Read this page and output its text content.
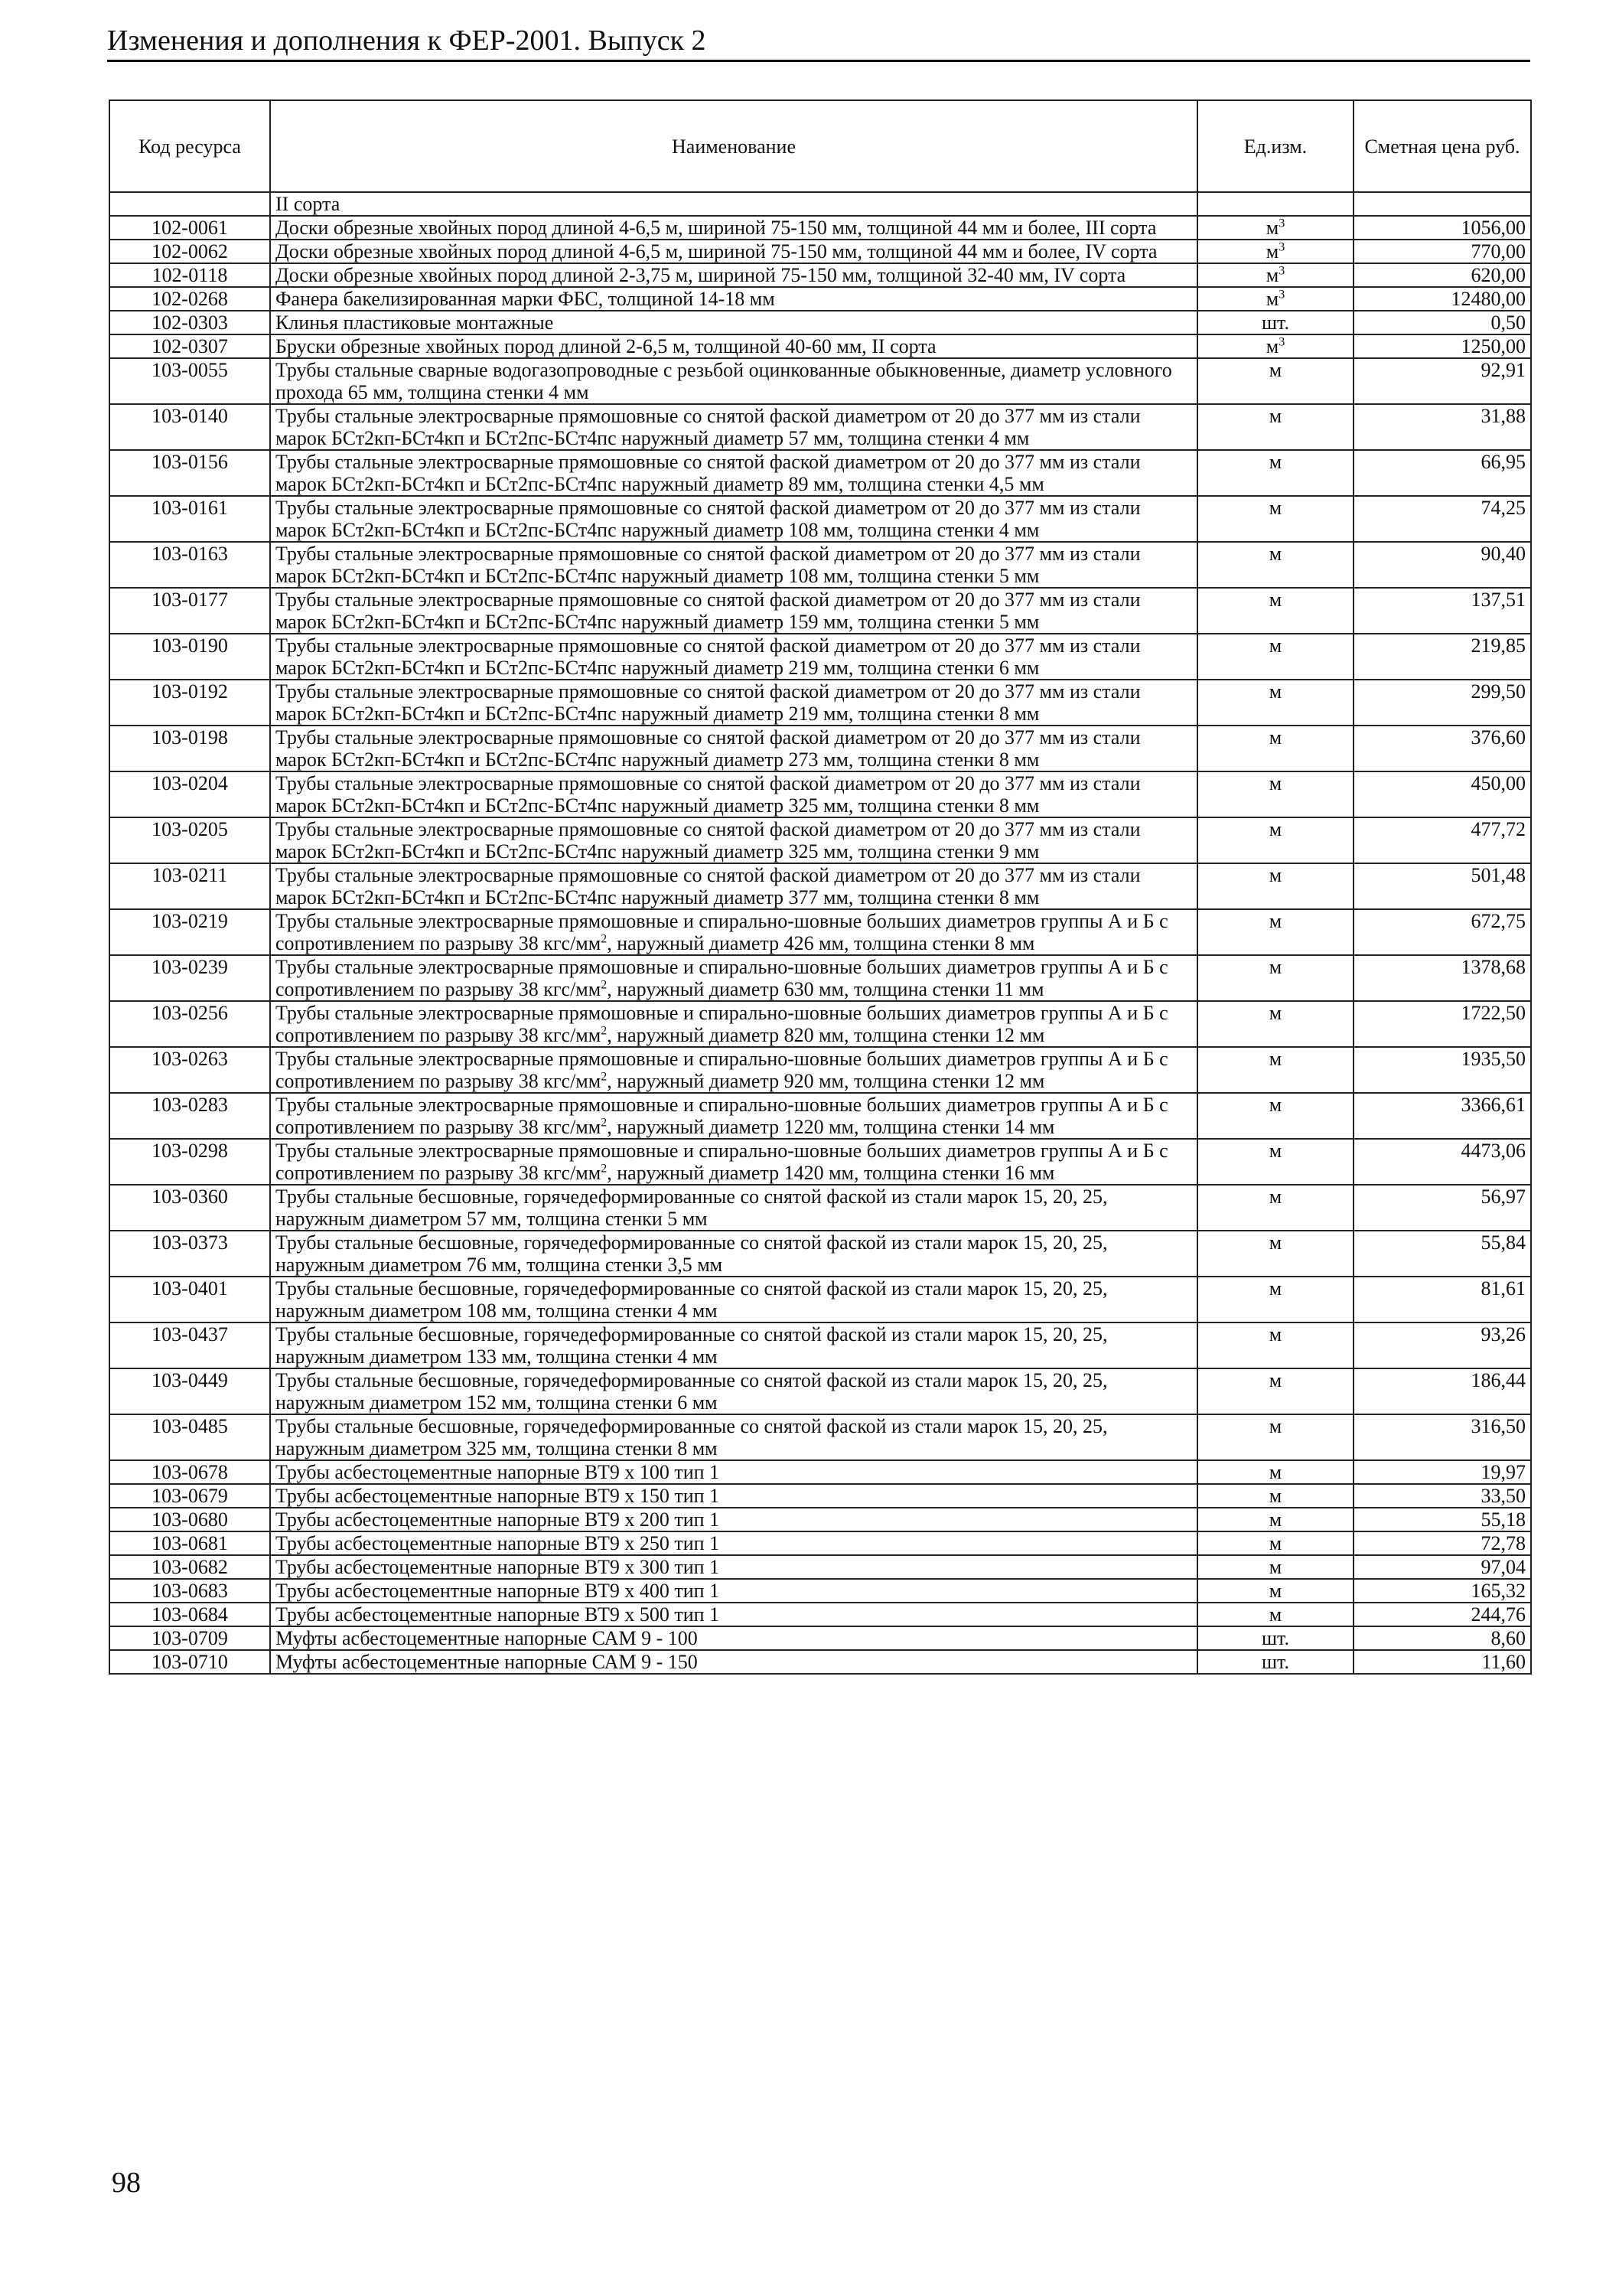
Изменения и дополнения к ФЕР-2001. Выпуск 2
Код ресурса	Наименование	Ед.изм.	Сметная цена руб.
	II сорта		
102-0061	Доски обрезные хвойных пород длиной 4-6,5 м, шириной 75-150 мм, толщиной 44 мм и более, III сорта	$м^3$	1056,00
102-0062	Доски обрезные хвойных пород длиной 4-6,5 м, шириной 75-150 мм, толщиной 44 мм и более, IV сорта	$м^3$	770,00
102-0118	Доски обрезные хвойных пород длиной 2-3,75 м, шириной 75-150 мм, толщиной 32-40 мм, IV сорта	$м^3$	620,00
102-0268	Фанера бакелизированная марки ФБС, толщиной 14-18 мм	$м^3$	12480,00
102-0303	Клинья пластиковые монтажные	шт.	0,50
102-0307	Бруски обрезные хвойных пород длиной 2-6,5 м, толщиной 40-60 мм, II сорта	$м^3$	1250,00
103-0055	Трубы стальные сварные водогазопроводные с резьбой оцинкованные обыкновенные, диаметр условного прохода 65 мм, толщина стенки 4 мм	м	92,91
103-0140	Трубы стальные электросварные прямошовные со снятой фаской диаметром от 20 до 377 мм из стали марок БСт2кп-БСт4кп и БСт2пс-БСт4пс наружный диаметр 57 мм, толщина стенки 4 мм	м	31,88
103-0156	Трубы стальные электросварные прямошовные со снятой фаской диаметром от 20 до 377 мм из стали марок БСт2кп-БСт4кп и БСт2пс-БСт4пс наружный диаметр 89 мм, толщина стенки 4,5 мм	м	66,95
103-0161	Трубы стальные электросварные прямошовные со снятой фаской диаметром от 20 до 377 мм из стали марок БСт2кп-БСт4кп и БСт2пс-БСт4пс наружный диаметр 108 мм, толщина стенки 4 мм	м	74,25
103-0163	Трубы стальные электросварные прямошовные со снятой фаской диаметром от 20 до 377 мм из стали марок БСт2кп-БСт4кп и БСт2пс-БСт4пс наружный диаметр 108 мм, толщина стенки 5 мм	м	90,40
103-0177	Трубы стальные электросварные прямошовные со снятой фаской диаметром от 20 до 377 мм из стали марок БСт2кп-БСт4кп и БСт2пс-БСт4пс наружный диаметр 159 мм, толщина стенки 5 мм	м	137,51
103-0190	Трубы стальные электросварные прямошовные со снятой фаской диаметром от 20 до 377 мм из стали марок БСт2кп-БСт4кп и БСт2пс-БСт4пс наружный диаметр 219 мм, толщина стенки 6 мм	м	219,85
103-0192	Трубы стальные электросварные прямошовные со снятой фаской диаметром от 20 до 377 мм из стали марок БСт2кп-БСт4кп и БСт2пс-БСт4пс наружный диаметр 219 мм, толщина стенки 8 мм	м	299,50
103-0198	Трубы стальные электросварные прямошовные со снятой фаской диаметром от 20 до 377 мм из стали марок БСт2кп-БСт4кп и БСт2пс-БСт4пс наружный диаметр 273 мм, толщина стенки 8 мм	м	376,60
103-0204	Трубы стальные электросварные прямошовные со снятой фаской диаметром от 20 до 377 мм из стали марок БСт2кп-БСт4кп и БСт2пс-БСт4пс наружный диаметр 325 мм, толщина стенки 8 мм	м	450,00
103-0205	Трубы стальные электросварные прямошовные со снятой фаской диаметром от 20 до 377 мм из стали марок БСт2кп-БСт4кп и БСт2пс-БСт4пс наружный диаметр 325 мм, толщина стенки 9 мм	м	477,72
103-0211	Трубы стальные электросварные прямошовные со снятой фаской диаметром от 20 до 377 мм из стали марок БСт2кп-БСт4кп и БСт2пс-БСт4пс наружный диаметр 377 мм, толщина стенки 8 мм	м	501,48
103-0219	Трубы стальные электросварные прямошовные и спирально-шовные больших диаметров группы А и Б с сопротивлением по разрыву 38 кгс/$мм^2$, наружный диаметр 426 мм, толщина стенки 8 мм	м	672,75
103-0239	Трубы стальные электросварные прямошовные и спирально-шовные больших диаметров группы А и Б с сопротивлением по разрыву 38 кгс/$мм^2$, наружный диаметр 630 мм, толщина стенки 11 мм	м	1378,68
103-0256	Трубы стальные электросварные прямошовные и спирально-шовные больших диаметров группы А и Б с сопротивлением по разрыву 38 кгс/$мм^2$, наружный диаметр 820 мм, толщина стенки 12 мм	м	1722,50
103-0263	Трубы стальные электросварные прямошовные и спирально-шовные больших диаметров группы А и Б с сопротивлением по разрыву 38 кгс/$мм^2$, наружный диаметр 920 мм, толщина стенки 12 мм	м	1935,50
103-0283	Трубы стальные электросварные прямошовные и спирально-шовные больших диаметров группы А и Б с сопротивлением по разрыву 38 кгс/$мм^2$, наружный диаметр 1220 мм, толщина стенки 14 мм	м	3366,61
103-0298	Трубы стальные электросварные прямошовные и спирально-шовные больших диаметров группы А и Б с сопротивлением по разрыву 38 кгс/$мм^2$, наружный диаметр 1420 мм, толщина стенки 16 мм	м	4473,06
103-0360	Трубы стальные бесшовные, горячедеформированные со снятой фаской из стали марок 15, 20, 25, наружным диаметром 57 мм, толщина стенки 5 мм	м	56,97
103-0373	Трубы стальные бесшовные, горячедеформированные со снятой фаской из стали марок 15, 20, 25, наружным диаметром 76 мм, толщина стенки 3,5 мм	м	55,84
103-0401	Трубы стальные бесшовные, горячедеформированные со снятой фаской из стали марок 15, 20, 25, наружным диаметром 108 мм, толщина стенки 4 мм	м	81,61
103-0437	Трубы стальные бесшовные, горячедеформированные со снятой фаской из стали марок 15, 20, 25, наружным диаметром 133 мм, толщина стенки 4 мм	м	93,26
103-0449	Трубы стальные бесшовные, горячедеформированные со снятой фаской из стали марок 15, 20, 25, наружным диаметром 152 мм, толщина стенки 6 мм	м	186,44
103-0485	Трубы стальные бесшовные, горячедеформированные со снятой фаской из стали марок 15, 20, 25, наружным диаметром 325 мм, толщина стенки 8 мм	м	316,50
103-0678	Трубы асбестоцементные напорные ВТ9 х 100 тип 1	м	19,97
103-0679	Трубы асбестоцементные напорные ВТ9 х 150 тип 1	м	33,50
103-0680	Трубы асбестоцементные напорные ВТ9 х 200 тип 1	м	55,18
103-0681	Трубы асбестоцементные напорные ВТ9 х 250 тип 1	м	72,78
103-0682	Трубы асбестоцементные напорные ВТ9 х 300 тип 1	м	97,04
103-0683	Трубы асбестоцементные напорные ВТ9 х 400 тип 1	м	165,32
103-0684	Трубы асбестоцементные напорные ВТ9 х 500 тип 1	м	244,76
103-0709	Муфты асбестоцементные напорные САМ 9 - 100	шт.	8,60
103-0710	Муфты асбестоцементные напорные САМ 9 - 150	шт.	11,60
98
